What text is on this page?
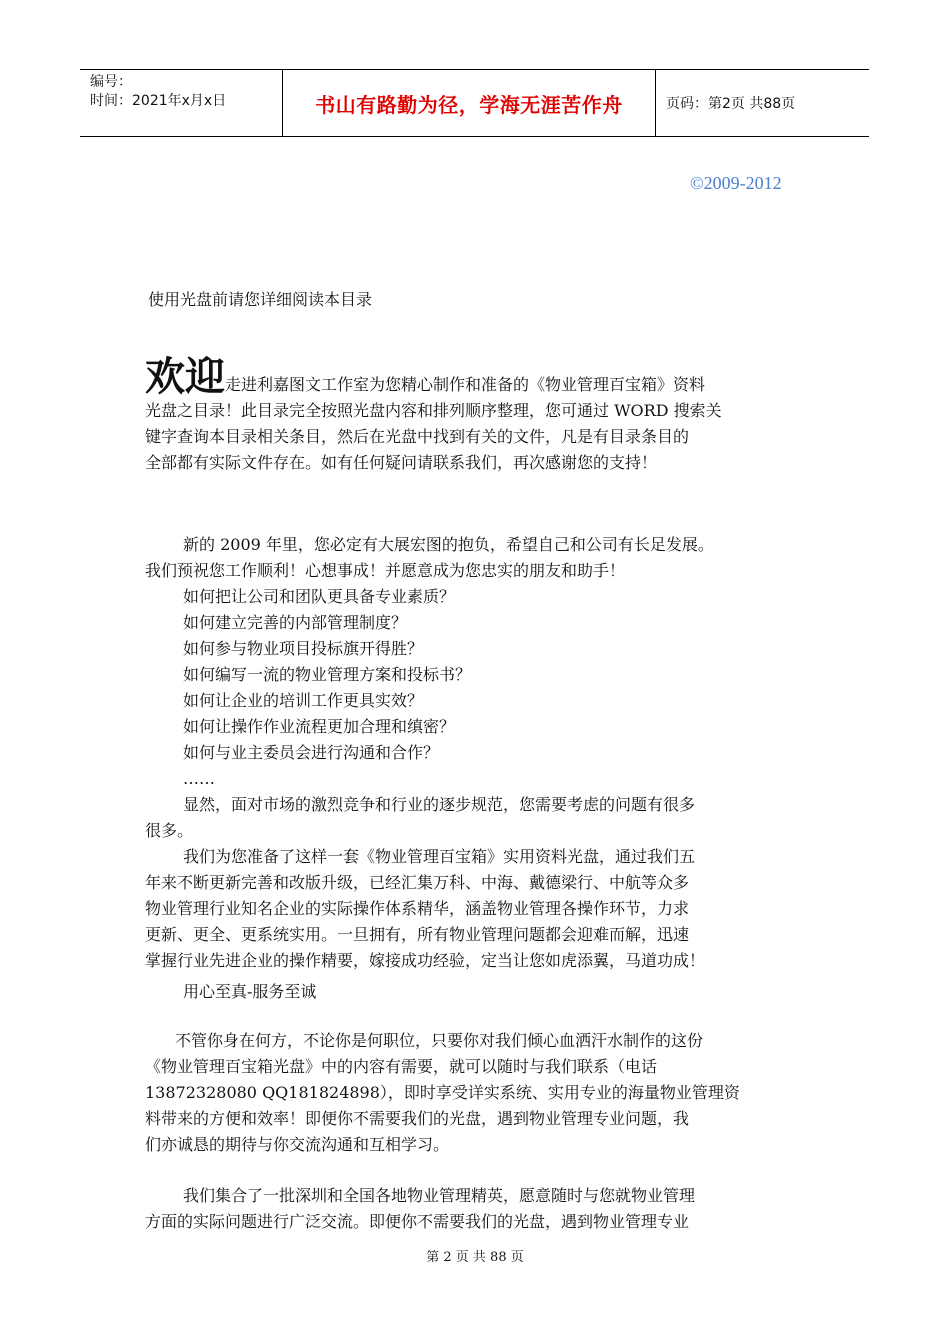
编号：
时间：2021年x月x日	书山有路勤为径，学海无涯苦作舟	页码：第2页 共88页
©2009-2012
使用光盘前请您详细阅读本目录
欢迎走进利嘉图文工作室为您精心制作和准备的《物业管理百宝箱》资料
光盘之目录！此目录完全按照光盘内容和排列顺序整理，您可通过 WORD 搜索关
键字查询本目录相关条目，然后在光盘中找到有关的文件，凡是有目录条目的
全部都有实际文件存在。如有任何疑问请联系我们，再次感谢您的支持！
新的 2009 年里，您必定有大展宏图的抱负，希望自己和公司有长足发展。
我们预祝您工作顺利！心想事成！并愿意成为您忠实的朋友和助手！
如何把让公司和团队更具备专业素质？
如何建立完善的内部管理制度？
如何参与物业项目投标旗开得胜？
如何编写一流的物业管理方案和投标书？
如何让企业的培训工作更具实效？
如何让操作作业流程更加合理和缜密？
如何与业主委员会进行沟通和合作？
……
显然，面对市场的激烈竞争和行业的逐步规范，您需要考虑的问题有很多
很多。
我们为您准备了这样一套《物业管理百宝箱》实用资料光盘，通过我们五
年来不断更新完善和改版升级，已经汇集万科、中海、戴德梁行、中航等众多
物业管理行业知名企业的实际操作体系精华，涵盖物业管理各操作环节，力求
更新、更全、更系统实用。一旦拥有，所有物业管理问题都会迎难而解，迅速
掌握行业先进企业的操作精要，嫁接成功经验，定当让您如虎添翼，马道功成！
用心至真-服务至诚
不管你身在何方，不论你是何职位，只要你对我们倾心血洒汗水制作的这份
《物业管理百宝箱光盘》中的内容有需要，就可以随时与我们联系（电话
13872328080 QQ181824898），即时享受详实系统、实用专业的海量物业管理资
料带来的方便和效率！即便你不需要我们的光盘，遇到物业管理专业问题，我
们亦诚恳的期待与你交流沟通和互相学习。
我们集合了一批深圳和全国各地物业管理精英，愿意随时与您就物业管理
方面的实际问题进行广泛交流。即便你不需要我们的光盘，遇到物业管理专业
第 2 页 共 88 页
